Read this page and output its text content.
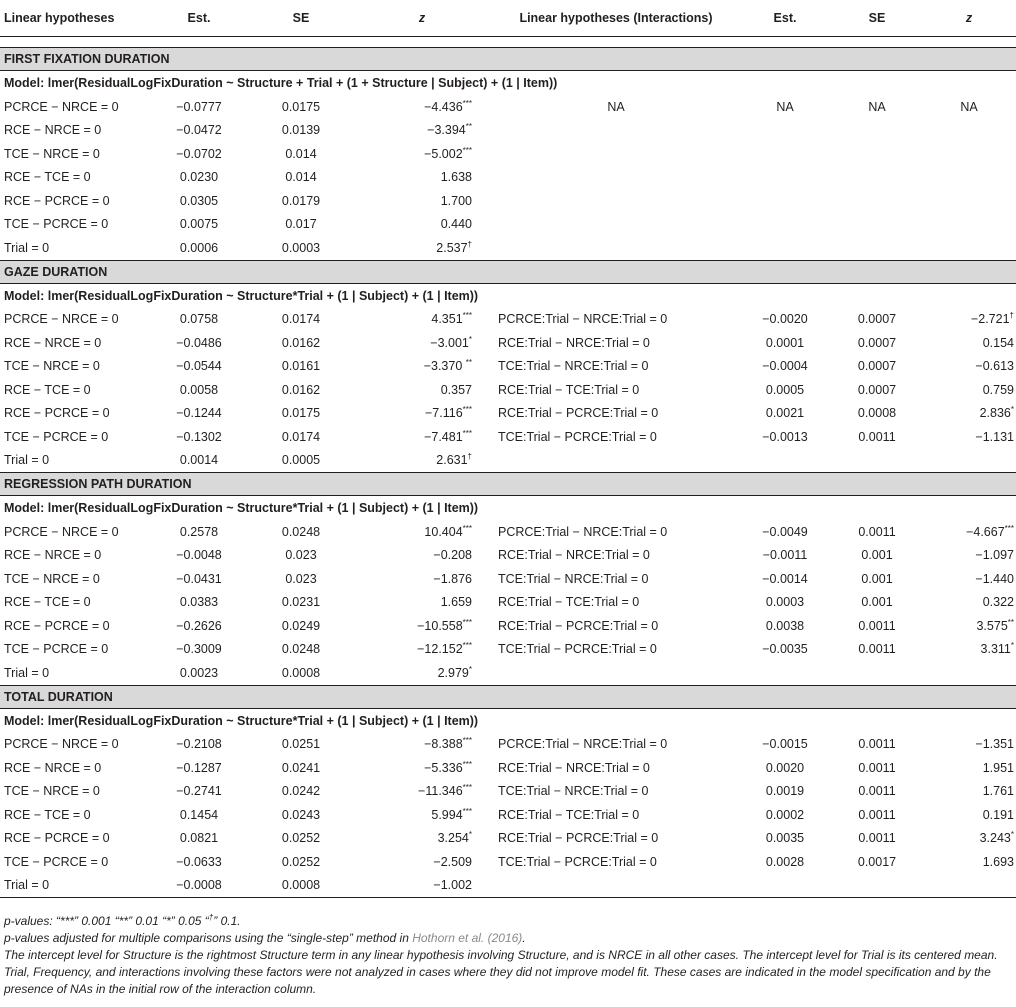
Linear hypotheses	Est.	SE	z	Linear hypotheses (Interactions)	Est.	SE	z

FIRST FIXATION DURATION							
Model: lmer(ResidualLogFixDuration ~ Structure + Trial + (1 + Structure | Subject) + (1 | Item))							
PCRCE − NRCE = 0	−0.0777	0.0175	−4.436***	NA	NA	NA	NA
RCE − NRCE = 0	−0.0472	0.0139	−3.394**				
TCE − NRCE = 0	−0.0702	0.014	−5.002***				
RCE − TCE = 0	0.0230	0.014	1.638				
RCE − PCRCE = 0	0.0305	0.0179	1.700				
TCE − PCRCE = 0	0.0075	0.017	0.440				
Trial = 0	0.0006	0.0003	2.537†				
GAZE DURATION							
Model: lmer(ResidualLogFixDuration ~ Structure*Trial + (1 | Subject) + (1 | Item))							
PCRCE − NRCE = 0	0.0758	0.0174	4.351***	PCRCE:Trial − NRCE:Trial = 0	−0.0020	0.0007	−2.721†
RCE − NRCE = 0	−0.0486	0.0162	−3.001*	RCE:Trial − NRCE:Trial = 0	0.0001	0.0007	0.154
TCE − NRCE = 0	−0.0544	0.0161	−3.370 **	TCE:Trial − NRCE:Trial = 0	−0.0004	0.0007	−0.613
RCE − TCE = 0	0.0058	0.0162	0.357	RCE:Trial − TCE:Trial = 0	0.0005	0.0007	0.759
RCE − PCRCE = 0	−0.1244	0.0175	−7.116***	RCE:Trial − PCRCE:Trial = 0	0.0021	0.0008	2.836*
TCE − PCRCE = 0	−0.1302	0.0174	−7.481***	TCE:Trial − PCRCE:Trial = 0	−0.0013	0.0011	−1.131
Trial = 0	0.0014	0.0005	2.631†				
REGRESSION PATH DURATION							
Model: lmer(ResidualLogFixDuration ~ Structure*Trial + (1 | Subject) + (1 | Item))							
PCRCE − NRCE = 0	0.2578	0.0248	10.404***	PCRCE:Trial − NRCE:Trial = 0	−0.0049	0.0011	−4.667***
RCE − NRCE = 0	−0.0048	0.023	−0.208	RCE:Trial − NRCE:Trial = 0	−0.0011	0.001	−1.097
TCE − NRCE = 0	−0.0431	0.023	−1.876	TCE:Trial − NRCE:Trial = 0	−0.0014	0.001	−1.440
RCE − TCE = 0	0.0383	0.0231	1.659	RCE:Trial − TCE:Trial = 0	0.0003	0.001	0.322
RCE − PCRCE = 0	−0.2626	0.0249	−10.558***	RCE:Trial − PCRCE:Trial = 0	0.0038	0.0011	3.575**
TCE − PCRCE = 0	−0.3009	0.0248	−12.152***	TCE:Trial − PCRCE:Trial = 0	−0.0035	0.0011	3.311*
Trial = 0	0.0023	0.0008	2.979*				
TOTAL DURATION							
Model: lmer(ResidualLogFixDuration ~ Structure*Trial + (1 | Subject) + (1 | Item))							
PCRCE − NRCE = 0	−0.2108	0.0251	−8.388***	PCRCE:Trial − NRCE:Trial = 0	−0.0015	0.0011	−1.351
RCE − NRCE = 0	−0.1287	0.0241	−5.336***	RCE:Trial − NRCE:Trial = 0	0.0020	0.0011	1.951
TCE − NRCE = 0	−0.2741	0.0242	−11.346***	TCE:Trial − NRCE:Trial = 0	0.0019	0.0011	1.761
RCE − TCE = 0	0.1454	0.0243	5.994***	RCE:Trial − TCE:Trial = 0	0.0002	0.0011	0.191
RCE − PCRCE = 0	0.0821	0.0252	3.254*	RCE:Trial − PCRCE:Trial = 0	0.0035	0.0011	3.243*
TCE − PCRCE = 0	−0.0633	0.0252	−2.509	TCE:Trial − PCRCE:Trial = 0	0.0028	0.0017	1.693
Trial = 0	−0.0008	0.0008	−1.002				

p-values: “***” 0.001 “**” 0.01 “*” 0.05 “†” 0.1.

p-values adjusted for multiple comparisons using the “single-step” method in Hothorn et al. (2016).

The intercept level for Structure is the rightmost Structure term in any linear hypothesis involving Structure, and is NRCE in all other cases. The intercept level for Trial is its centered mean. Trial, Frequency, and interactions involving these factors were not analyzed in cases where they did not improve model fit. These cases are indicated in the model specification and by the presence of NAs in the initial row of the interaction column.
